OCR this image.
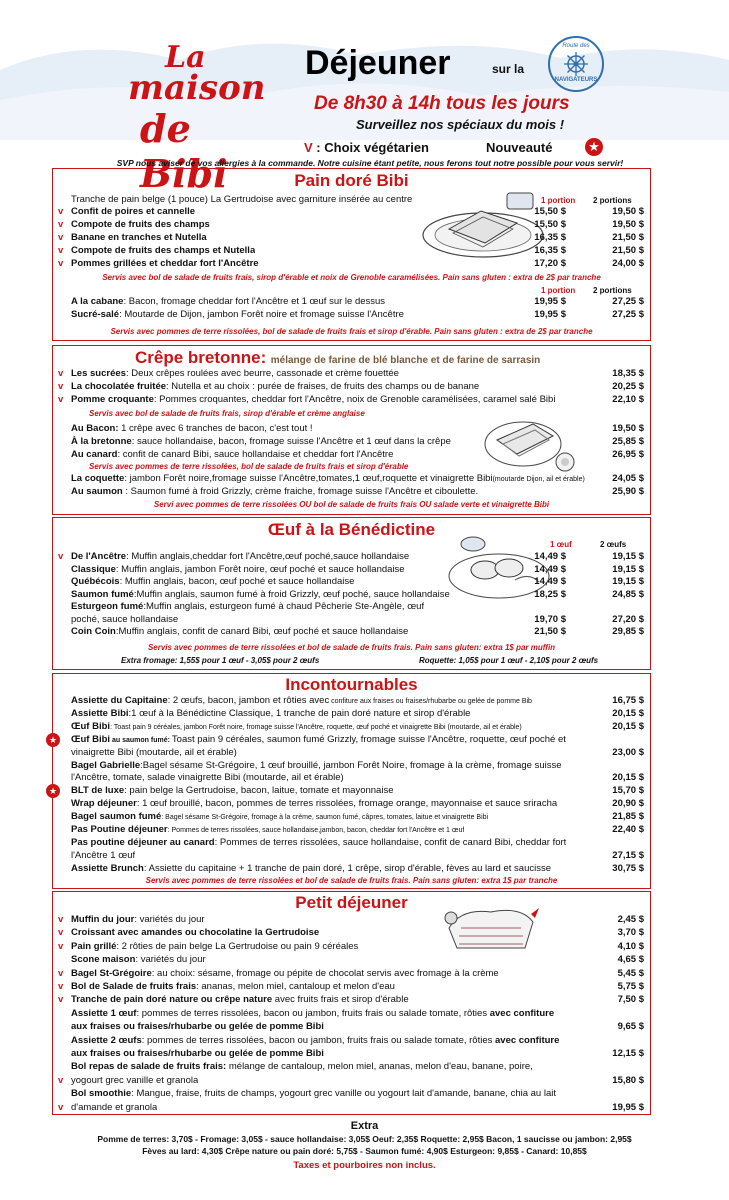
La
maison
de Bibi
Déjeuner	sur la
Route des
NAVIGATEURS
De 8h30 à 14h tous les jours
Surveillez nos spéciaux du mois !
V : Choix végétarien	Nouveauté	★
SVP nous aviser de vos allergies à la commande. Notre cuisine étant petite, nous ferons tout notre possible pour vous servir!
Pain doré Bibi
Tranche de pain belge (1 pouce) La Gertrudoise avec garniture insérée au centre	1 portion 2 portions
v Confit de poires et cannelle	15,50 $	19,50 $
v Compote de fruits des champs	15,50 $	19,50 $
v Banane en tranches et Nutella	16,35 $	21,50 $
v Compote de fruits des champs et Nutella	16,35 $	21,50 $
v Pommes grillées et cheddar fort l'Ancêtre	17,20 $	24,00 $
Servis avec bol de salade de fruits frais, sirop d'érable et noix de Grenoble caramélisées. Pain sans gluten : extra de 2$ par tranche
1 portion 2 portions
A la cabane: Bacon, fromage cheddar fort l'Ancêtre et 1 œuf sur le dessus	19,95 $	27,25 $
Sucré-salé: Moutarde de Dijon, jambon Forêt noire et fromage suisse l'Ancêtre	19,95 $	27,25 $
Servis avec pommes de terre rissolées, bol de salade de fruits frais et sirop d'érable. Pain sans gluten : extra de 2$ par tranche
Crêpe bretonne: mélange de farine de blé blanche et de farine de sarrasin
v Les sucrées: Deux crêpes roulées avec beurre, cassonade et crème fouettée	18,35 $
v La chocolatée fruitée: Nutella et au choix : purée de fraises, de fruits des champs ou de banane	20,25 $
v Pomme croquante: Pommes croquantes, cheddar fort l'Ancêtre, noix de Grenoble caramélisées, caramel salé Bibi	22,10 $
Servis avec bol de salade de fruits frais, sirop d'érable et crème anglaise
Au Bacon: 1 crêpe avec 6 tranches de bacon, c'est tout !	19,50 $
À la bretonne: sauce hollandaise, bacon, fromage suisse l'Ancêtre et 1 œuf dans la crêpe	25,85 $
Au canard: confit de canard Bibi, sauce hollandaise et cheddar fort l'Ancêtre	26,95 $
Servis avec pommes de terre rissolées, bol de salade de fruits frais et sirop d'érable
La coquette: jambon Forêt noire,fromage suisse l'Ancêtre,tomates,1 œuf,roquette et vinaigrette Bibi(moutarde Dijon, ail et érable)	24,05 $
Au saumon : Saumon fumé à froid Grizzly, crème fraiche, fromage suisse l'Ancêtre et ciboulette.	25,90 $
Servi avec pommes de terre rissolées OU bol de salade de fruits frais OU salade verte et vinaigrette Bibi
Œuf à la Bénédictine
1 œuf	2 œufs
v De l'Ancêtre: Muffin anglais,cheddar fort l'Ancêtre,œuf poché,sauce hollandaise	14,49 $	19,15 $
Classique: Muffin anglais, jambon Forêt noire, œuf poché et sauce hollandaise	14,49 $	19,15 $
Québécois: Muffin anglais, bacon, œuf poché et sauce hollandaise	14,49 $	19,15 $
Saumon fumé:Muffin anglais, saumon fumé à froid Grizzly, œuf poché, sauce hollandaise	18,25 $	24,85 $
Esturgeon fumé:Muffin anglais, esturgeon fumé à chaud Pêcherie Ste-Angèle, œuf
poché, sauce hollandaise	19,70 $	27,20 $
Coin Coin:Muffin anglais, confit de canard Bibi, œuf poché et sauce hollandaise	21,50 $	29,85 $
Servis avec pommes de terre rissolées et bol de salade de fruits frais. Pain sans gluten: extra 1$ par muffin
Extra fromage: 1,55$ pour 1 œuf - 3,05$ pour 2 œufs	Roquette: 1,05$ pour 1 œuf - 2,10$ pour 2 œufs
Incontournables
Assiette du Capitaine: 2 œufs, bacon, jambon et rôties avec confiture aux fraises ou fraises/rhubarbe ou gelée de pomme Bib	16,75 $
Assiette Bibi:1 œuf à la Bénédictine Classique, 1 tranche de pain doré nature et sirop d'érable	20,15 $
Œuf Bibi: Toast pain 9 céréales, jambon Forêt noire, fromage suisse l'Ancêtre, roquette, œuf poché et vinaigrette Bibi (moutarde, ail et érable)	20,15 $
★	Œuf Bibi au saumon fumé: Toast pain 9 céréales, saumon fumé Grizzly, fromage suisse l'Ancêtre, roquette, œuf poché et
vinaigrette Bibi (moutarde, ail et érable)	23,00 $
Bagel Gabrielle:Bagel sésame St-Grégoire, 1 œuf brouillé, jambon Forêt Noire, fromage à la crème, fromage suisse
l'Ancêtre, tomate, salade vinaigrette Bibi (moutarde, ail et érable)	20,15 $
★	BLT de luxe: pain belge la Gertrudoise, bacon, laitue, tomate et mayonnaise	15,70 $
Wrap déjeuner: 1 œuf brouillé, bacon, pommes de terres rissolées, fromage orange, mayonnaise et sauce sriracha	20,90 $
Bagel saumon fumé: Bagel sésame St-Grégoire, fromage à la crème, saumon fumé, câpres, tomates, laitue et vinaigrette Bibi	21,85 $
Pas Poutine déjeuner: Pommes de terres rissolées, sauce hollandaise,jambon, bacon, cheddar fort l'Ancêtre et 1 œuf	22,40 $
Pas poutine déjeuner au canard: Pommes de terres rissolées, sauce hollandaise, confit de canard Bibi, cheddar fort
l'Ancêtre 1 œuf	27,15 $
Assiette Brunch: Assiette du capitaine + 1 tranche de pain doré, 1 crêpe, sirop d'érable, fèves au lard et saucisse	30,75 $
Servis avec pommes de terre rissolées et bol de salade de fruits frais. Pain sans gluten: extra 1$ par tranche
Petit déjeuner
v Muffin du jour: variétés du jour	2,45 $
v Croissant avec amandes ou chocolatine la Gertrudoise	3,70 $
v Pain grillé: 2 rôties de pain belge La Gertrudoise ou pain 9 céréales	4,10 $
Scone maison: variétés du jour	4,65 $
v Bagel St-Grégoire: au choix: sésame, fromage ou pépite de chocolat servis avec fromage à la crème	5,45 $
v Bol de Salade de fruits frais: ananas, melon miel, cantaloup et melon d'eau	5,75 $
v Tranche de pain doré nature ou crêpe nature avec fruits frais et sirop d'érable	7,50 $
Assiette 1 œuf: pommes de terres rissolées, bacon ou jambon, fruits frais ou salade tomate, rôties avec confiture
aux fraises ou fraises/rhubarbe ou gelée de pomme Bibi	9,65 $
Assiette 2 œufs: pommes de terres rissolées, bacon ou jambon, fruits frais ou salade tomate, rôties avec confiture
aux fraises ou fraises/rhubarbe ou gelée de pomme Bibi	12,15 $
Bol repas de salade de fruits frais: mélange de cantaloup, melon miel, ananas, melon d'eau, banane, poire,
v yogourt grec vanille et granola	15,80 $
Bol smoothie: Mangue, fraise, fruits de champs, yogourt grec vanille ou yogourt lait d'amande, banane, chia au lait
v d'amande et granola	19,95 $
Extra
Pomme de terres: 3,70$ - Fromage: 3,05$ - sauce hollandaise: 3,05$ Oeuf: 2,35$ Roquette: 2,95$ Bacon, 1 saucisse ou jambon: 2,95$
Fèves au lard: 4,30$ Crêpe nature ou pain doré: 5,75$ - Saumon fumé: 4,90$ Esturgeon: 9,85$ - Canard: 10,85$
Taxes et pourboires non inclus.
